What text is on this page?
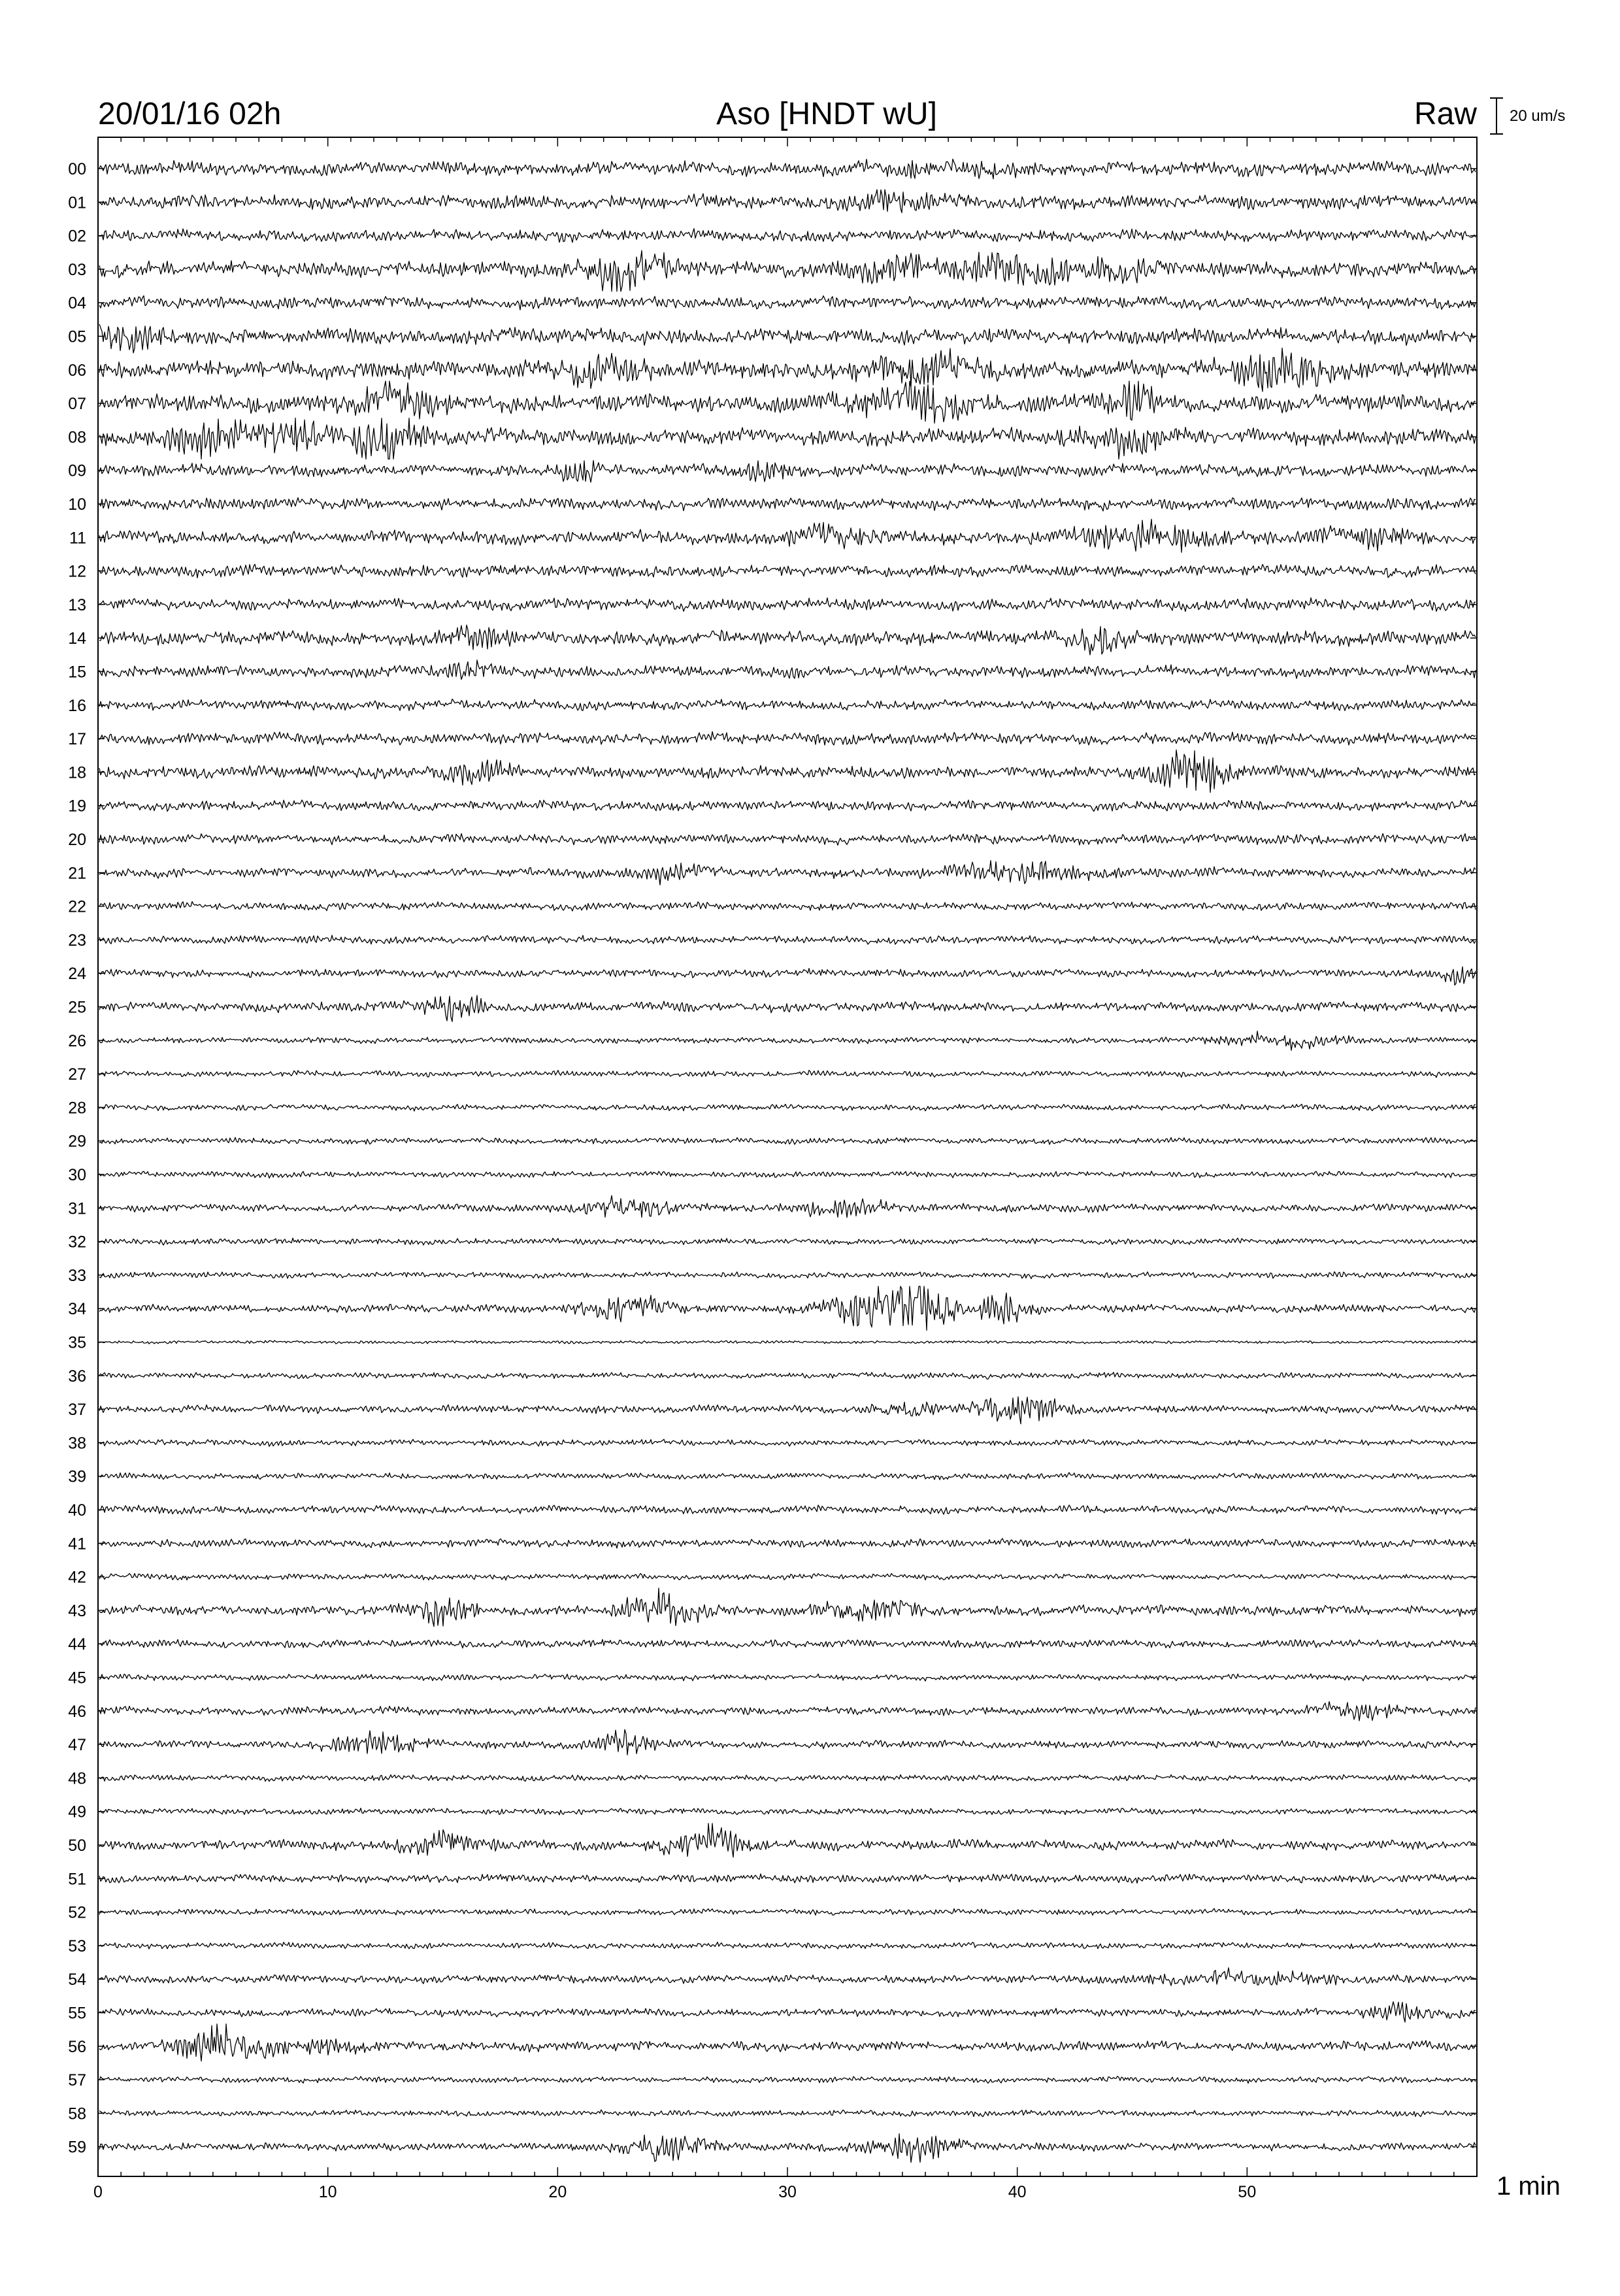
20/01/16 02h	Aso [HNDT wU]	Raw 20 um/s
00
01
02
03
04
05
06
07
08
09
10
11
12
13
14
15
16
17
18
19
20
21
22
23
24
25
26
27
28
29
30
31
32
33
34
35
36
37
38
39
40
41
42
43
44
45
46
47
48
49
50
51
52
53
54
55
56
57
58
59
0	10	20	30	40	50	1 min
